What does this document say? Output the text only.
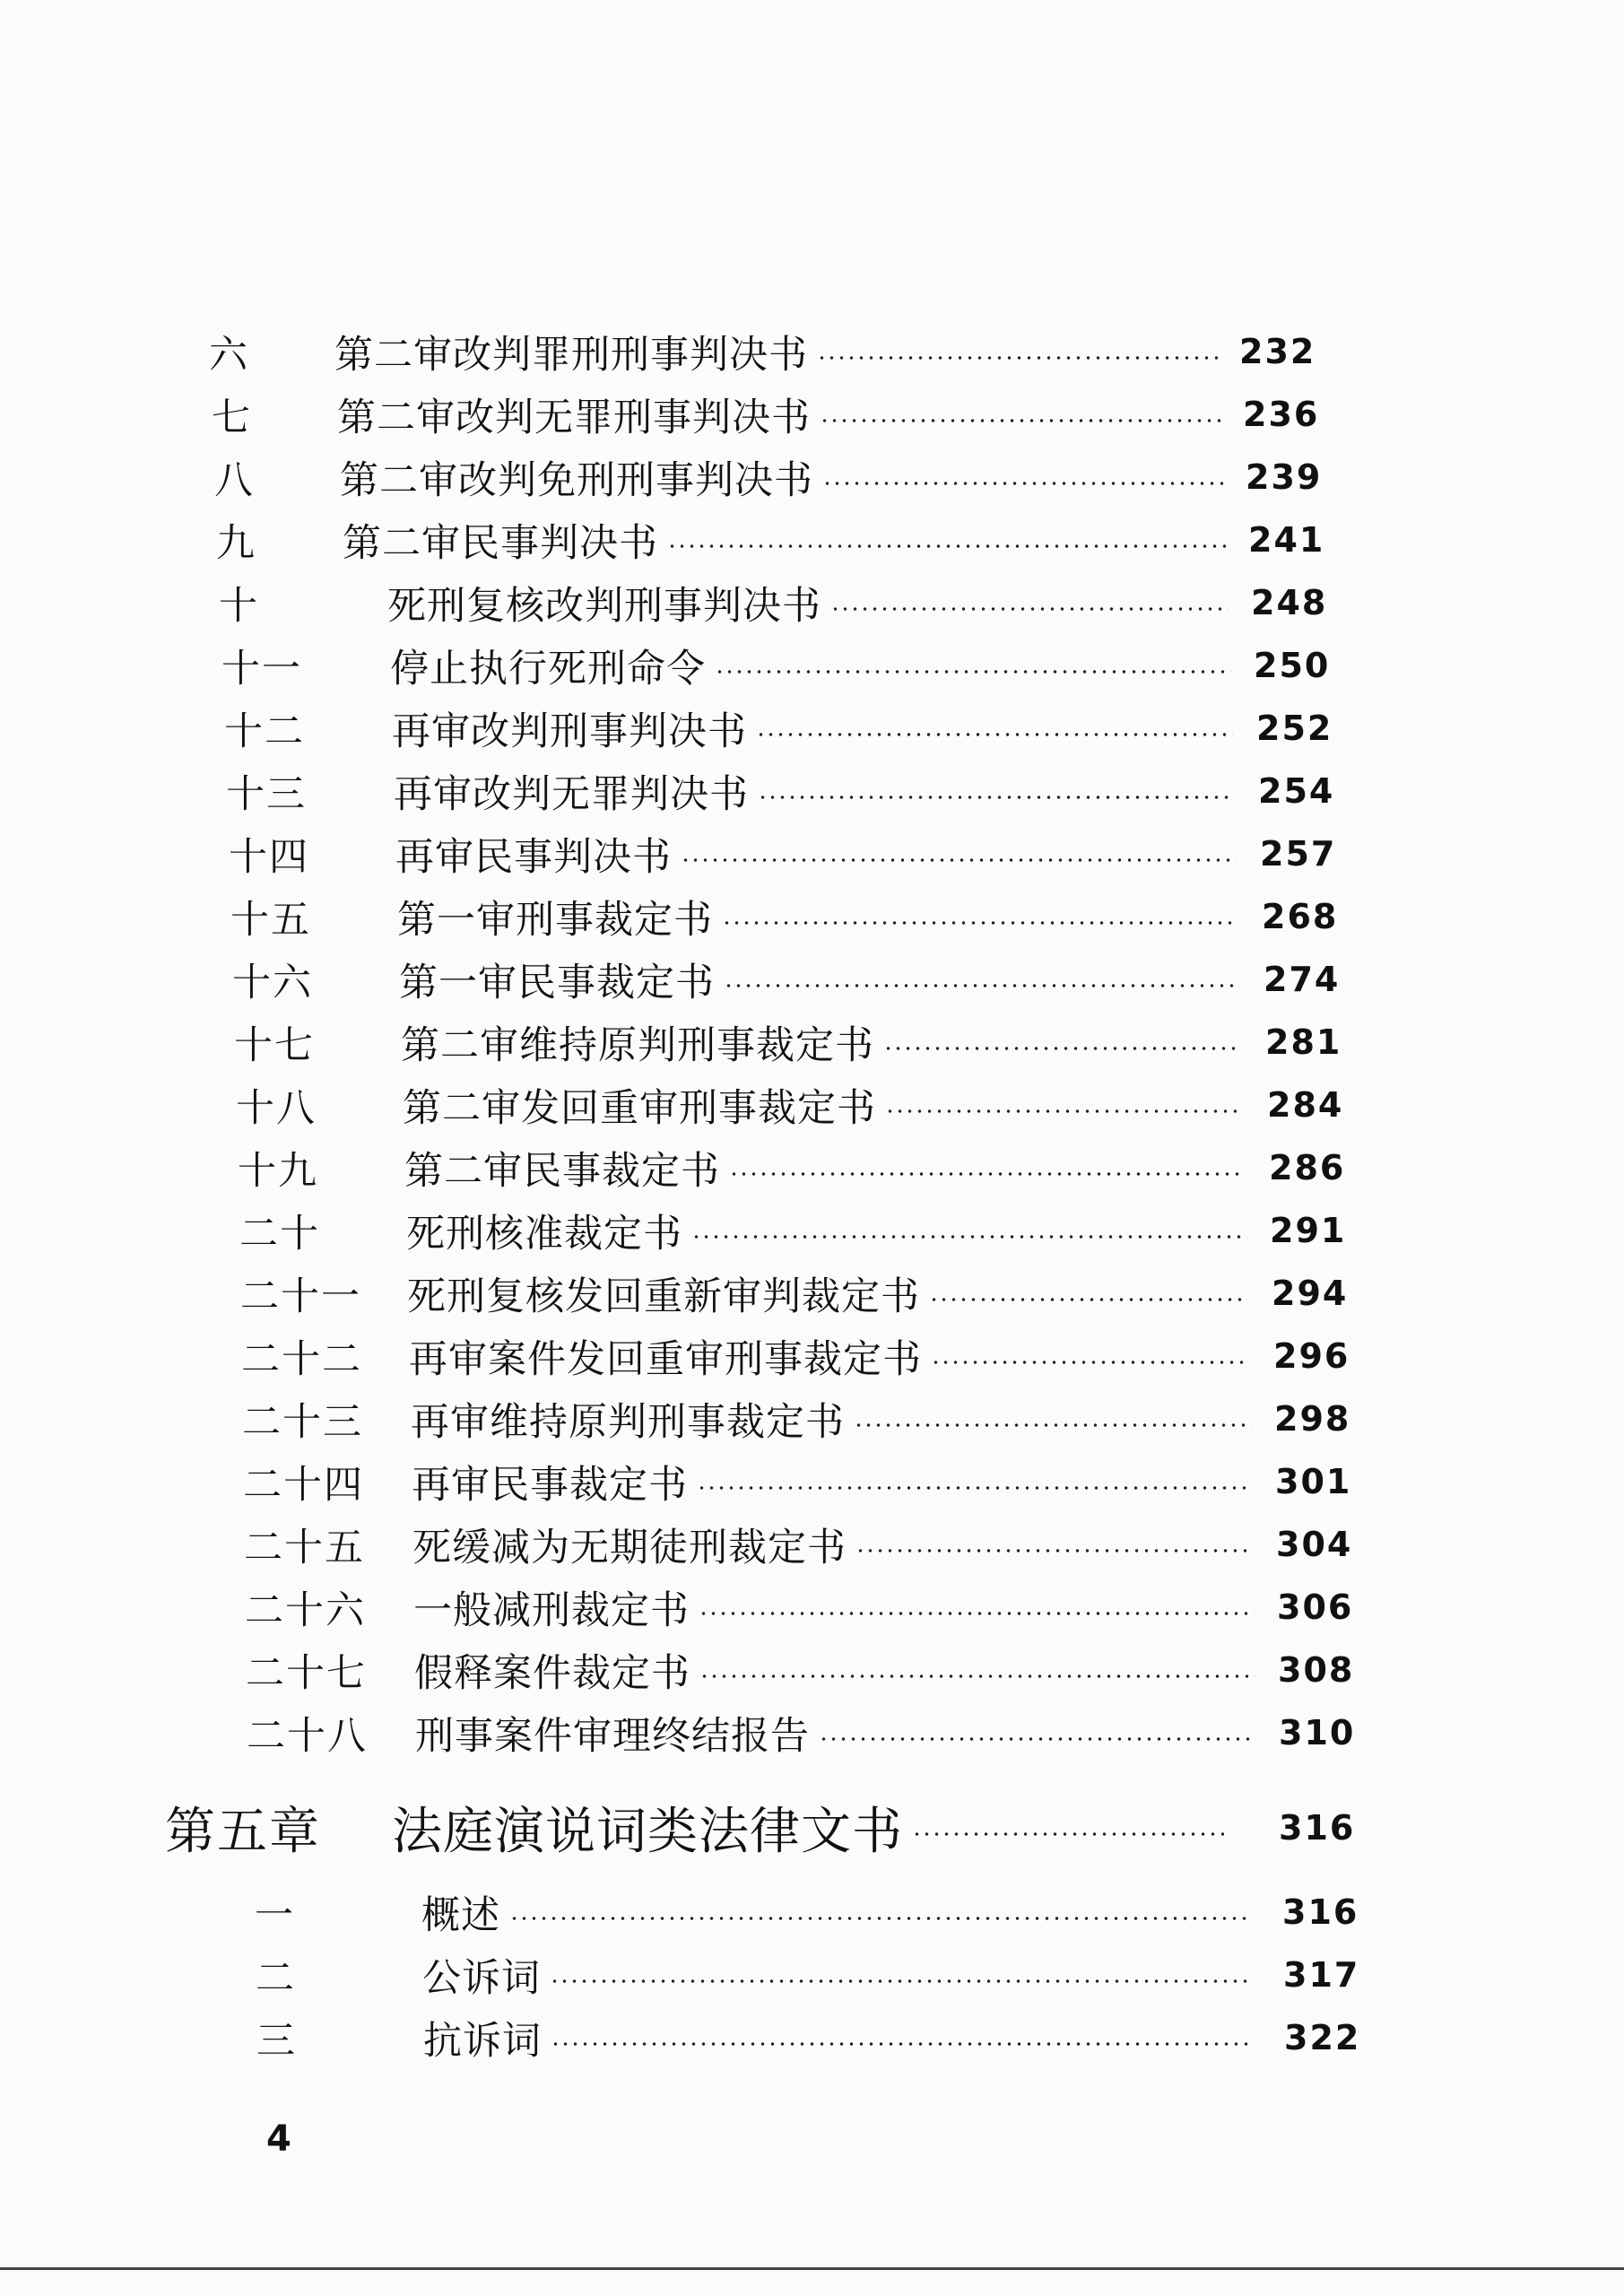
六 第二审改判罪刑刑事判决书	232
七 第二审改判无罪刑事判决书	236
八 第二审改判免刑刑事判决书	239
九 第二审民事判决书	241
十	死刑复核改判刑事判决书	248
十一 停止执行死刑命令	250
十二 再审改判刑事判决书	252
十三 再审改判无罪判决书	254
十四 再审民事判决书	257
十五 第一审刑事裁定书	268
十六 第一审民事裁定书	274
十七 第二审维持原判刑事裁定书	281
十八 第二审发回重审刑事裁定书	284
十九 第二审民事裁定书	286
二十 死刑核准裁定书	291
二十一 死刑复核发回重新审判裁定书	294
二十二 再审案件发回重审刑事裁定书	296
二十三 再审维持原判刑事裁定书	298
二十四 再审民事裁定书	301
二十五 死缓减为无期徒刑裁定书	304
二十六 一般减刑裁定书	306
二十七 假释案件裁定书	308
二十八 刑事案件审理终结报告	310
第五章 法庭演说词类法律文书	316
一	概述	316
二	公诉词	317
三	抗诉词	322
4
